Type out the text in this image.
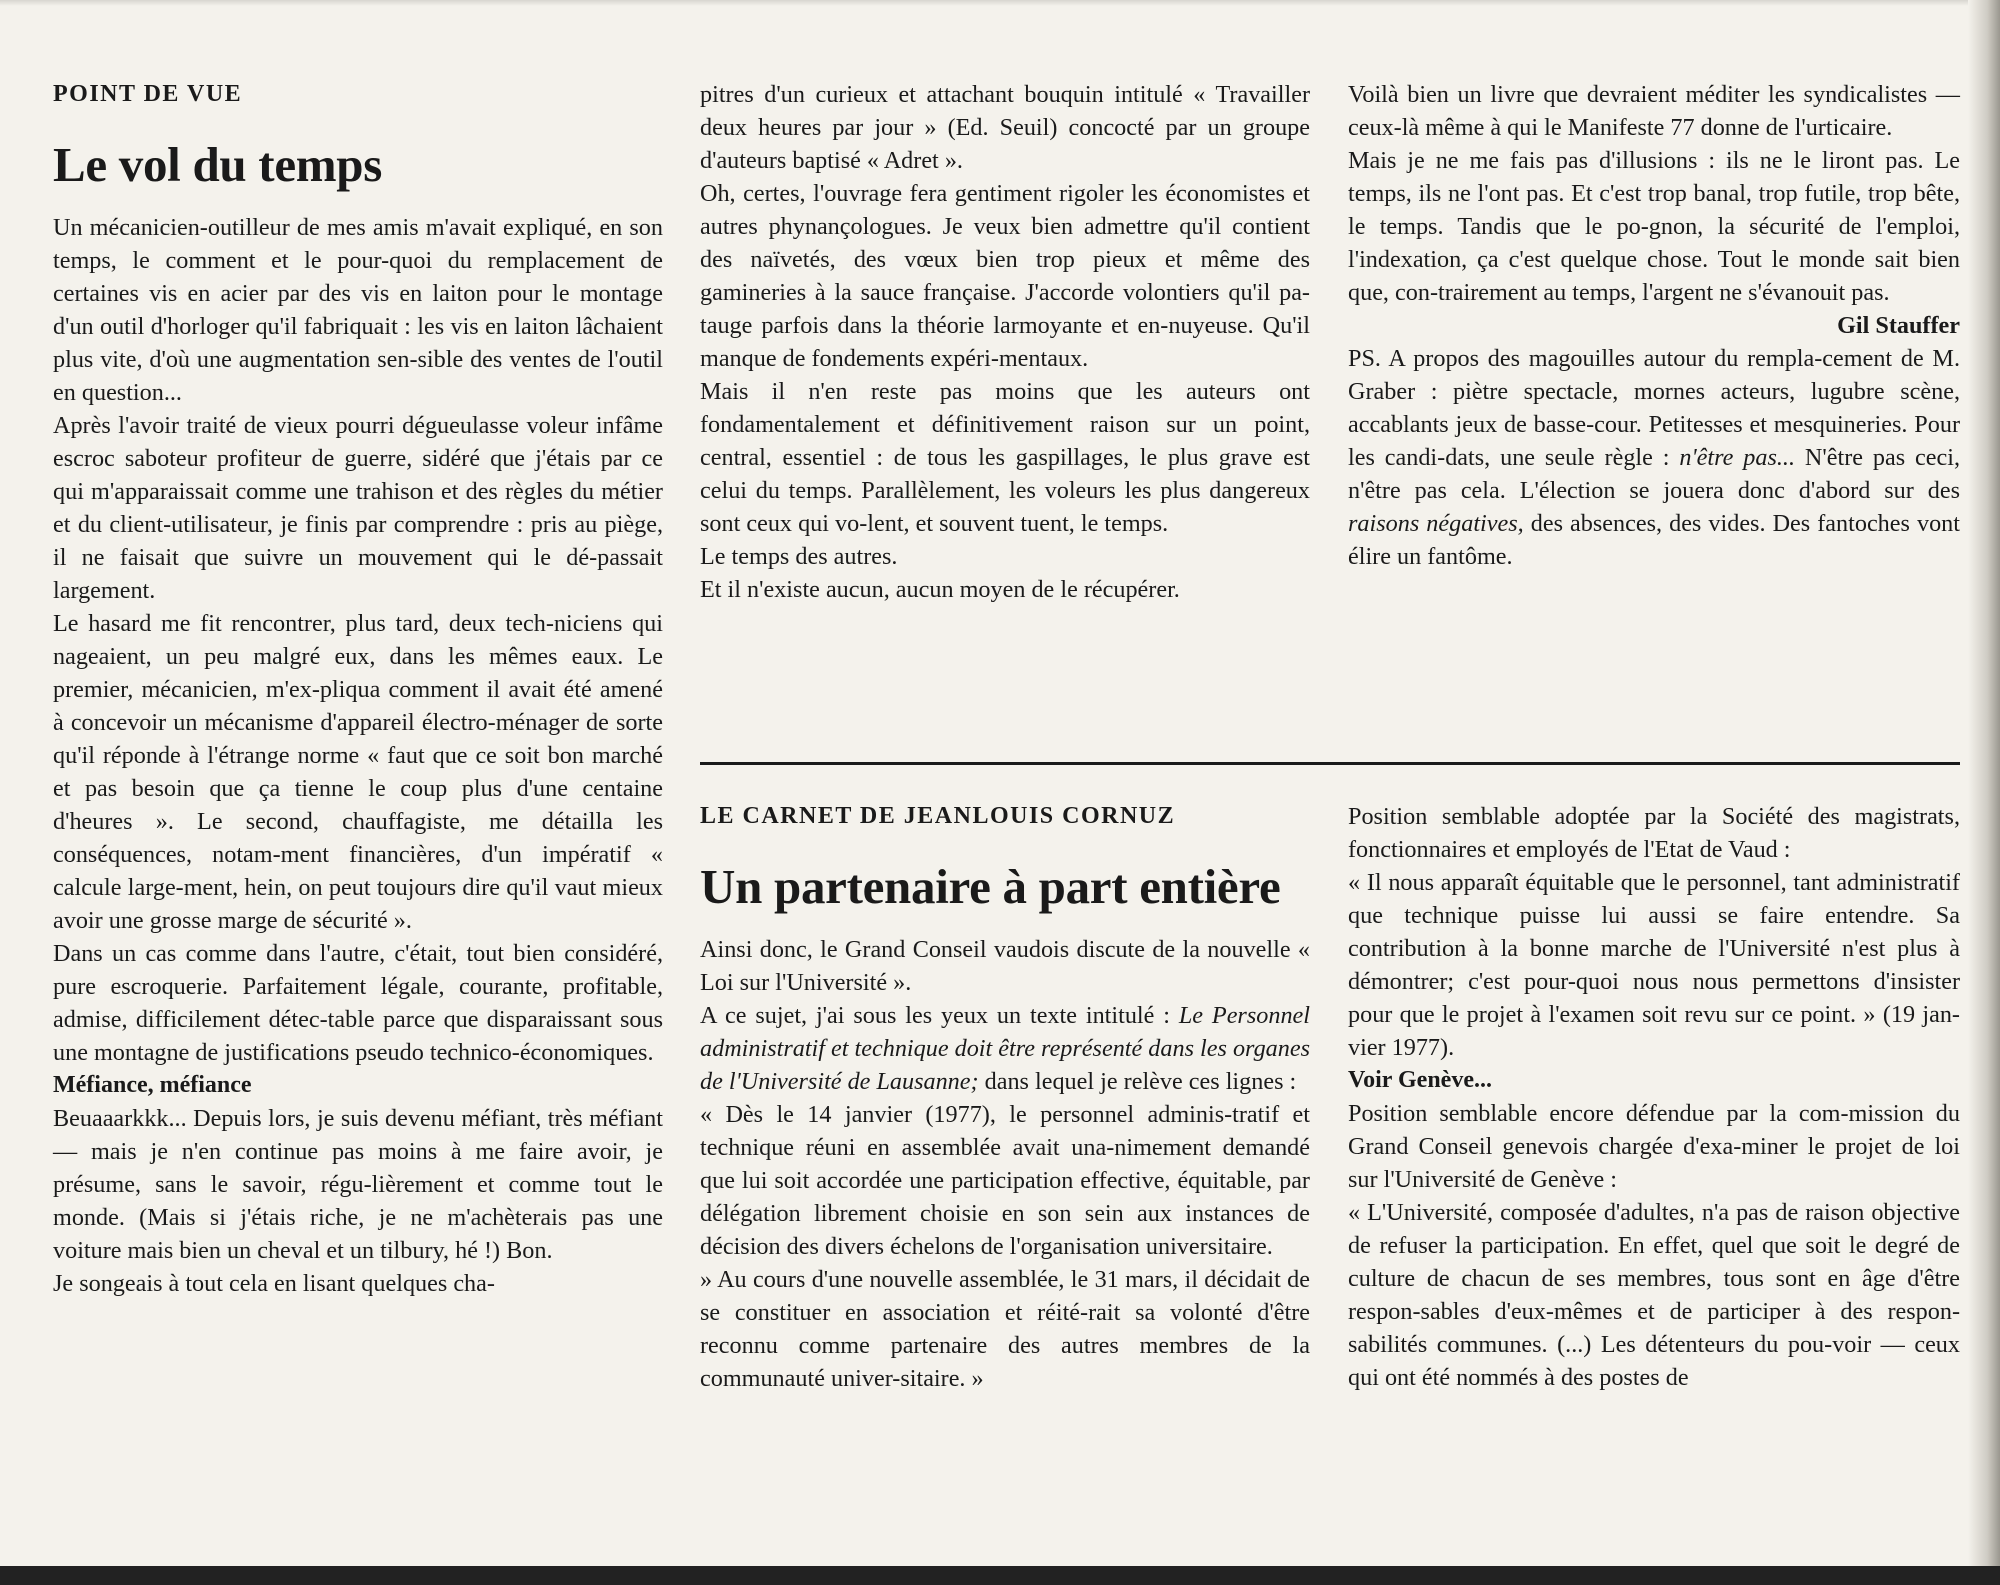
POINT DE VUE

Le vol du temps

Un mécanicien-outilleur de mes amis m'avait expliqué, en son temps, le comment et le pour-quoi du remplacement de certaines vis en acier par des vis en laiton pour le montage d'un outil d'horloger qu'il fabriquait : les vis en laiton lâchaient plus vite, d'où une augmentation sen-sible des ventes de l'outil en question...

Après l'avoir traité de vieux pourri dégueulasse voleur infâme escroc saboteur profiteur de guerre, sidéré que j'étais par ce qui m'apparaissait comme une trahison et des règles du métier et du client-utilisateur, je finis par comprendre : pris au piège, il ne faisait que suivre un mouvement qui le dé-passait largement.

Le hasard me fit rencontrer, plus tard, deux tech-niciens qui nageaient, un peu malgré eux, dans les mêmes eaux. Le premier, mécanicien, m'ex-pliqua comment il avait été amené à concevoir un mécanisme d'appareil électro-ménager de sorte qu'il réponde à l'étrange norme « faut que ce soit bon marché et pas besoin que ça tienne le coup plus d'une centaine d'heures ». Le second, chauffagiste, me détailla les conséquences, notam-ment financières, d'un impératif « calcule large-ment, hein, on peut toujours dire qu'il vaut mieux avoir une grosse marge de sécurité ».

Dans un cas comme dans l'autre, c'était, tout bien considéré, pure escroquerie. Parfaitement légale, courante, profitable, admise, difficilement détec-table parce que disparaissant sous une montagne de justifications pseudo technico-économiques.

Méfiance, méfiance

Beuaaarkkk... Depuis lors, je suis devenu méfiant, très méfiant — mais je n'en continue pas moins à me faire avoir, je présume, sans le savoir, régu-lièrement et comme tout le monde. (Mais si j'étais riche, je ne m'achèterais pas une voiture mais bien un cheval et un tilbury, hé !) Bon.

Je songeais à tout cela en lisant quelques cha-

pitres d'un curieux et attachant bouquin intitulé « Travailler deux heures par jour » (Ed. Seuil) concocté par un groupe d'auteurs baptisé « Adret ».

Oh, certes, l'ouvrage fera gentiment rigoler les économistes et autres phynançologues. Je veux bien admettre qu'il contient des naïvetés, des vœux bien trop pieux et même des gamineries à la sauce française. J'accorde volontiers qu'il pa-tauge parfois dans la théorie larmoyante et en-nuyeuse. Qu'il manque de fondements expéri-mentaux.

Mais il n'en reste pas moins que les auteurs ont fondamentalement et définitivement raison sur un point, central, essentiel : de tous les gaspillages, le plus grave est celui du temps. Parallèlement, les voleurs les plus dangereux sont ceux qui vo-lent, et souvent tuent, le temps.

Le temps des autres.

Et il n'existe aucun, aucun moyen de le récupérer.

Voilà bien un livre que devraient méditer les syndicalistes — ceux-là même à qui le Manifeste 77 donne de l'urticaire.

Mais je ne me fais pas d'illusions : ils ne le liront pas. Le temps, ils ne l'ont pas. Et c'est trop banal, trop futile, trop bête, le temps. Tandis que le po-gnon, la sécurité de l'emploi, l'indexation, ça c'est quelque chose. Tout le monde sait bien que, con-trairement au temps, l'argent ne s'évanouit pas.

Gil Stauffer

PS. A propos des magouilles autour du rempla-cement de M. Graber : piètre spectacle, mornes acteurs, lugubre scène, accablants jeux de basse-cour. Petitesses et mesquineries. Pour les candi-dats, une seule règle : n'être pas... N'être pas ceci, n'être pas cela. L'élection se jouera donc d'abord sur des raisons négatives, des absences, des vides. Des fantoches vont élire un fantôme.

LE CARNET DE JEANLOUIS CORNUZ

Un partenaire à part entière

Ainsi donc, le Grand Conseil vaudois discute de la nouvelle « Loi sur l'Université ».

A ce sujet, j'ai sous les yeux un texte intitulé : Le Personnel administratif et technique doit être représenté dans les organes de l'Université de Lausanne; dans lequel je relève ces lignes :

« Dès le 14 janvier (1977), le personnel adminis-tratif et technique réuni en assemblée avait una-nimement demandé que lui soit accordée une participation effective, équitable, par délégation librement choisie en son sein aux instances de décision des divers échelons de l'organisation universitaire.

» Au cours d'une nouvelle assemblée, le 31 mars, il décidait de se constituer en association et réité-rait sa volonté d'être reconnu comme partenaire des autres membres de la communauté univer-sitaire. »

Position semblable adoptée par la Société des magistrats, fonctionnaires et employés de l'Etat de Vaud :

« Il nous apparaît équitable que le personnel, tant administratif que technique puisse lui aussi se faire entendre. Sa contribution à la bonne marche de l'Université n'est plus à démontrer; c'est pour-quoi nous nous permettons d'insister pour que le projet à l'examen soit revu sur ce point. » (19 jan-vier 1977).

Voir Genève...

Position semblable encore défendue par la com-mission du Grand Conseil genevois chargée d'exa-miner le projet de loi sur l'Université de Genève :

« L'Université, composée d'adultes, n'a pas de raison objective de refuser la participation. En effet, quel que soit le degré de culture de chacun de ses membres, tous sont en âge d'être respon-sables d'eux-mêmes et de participer à des respon-sabilités communes. (...) Les détenteurs du pou-voir — ceux qui ont été nommés à des postes de
